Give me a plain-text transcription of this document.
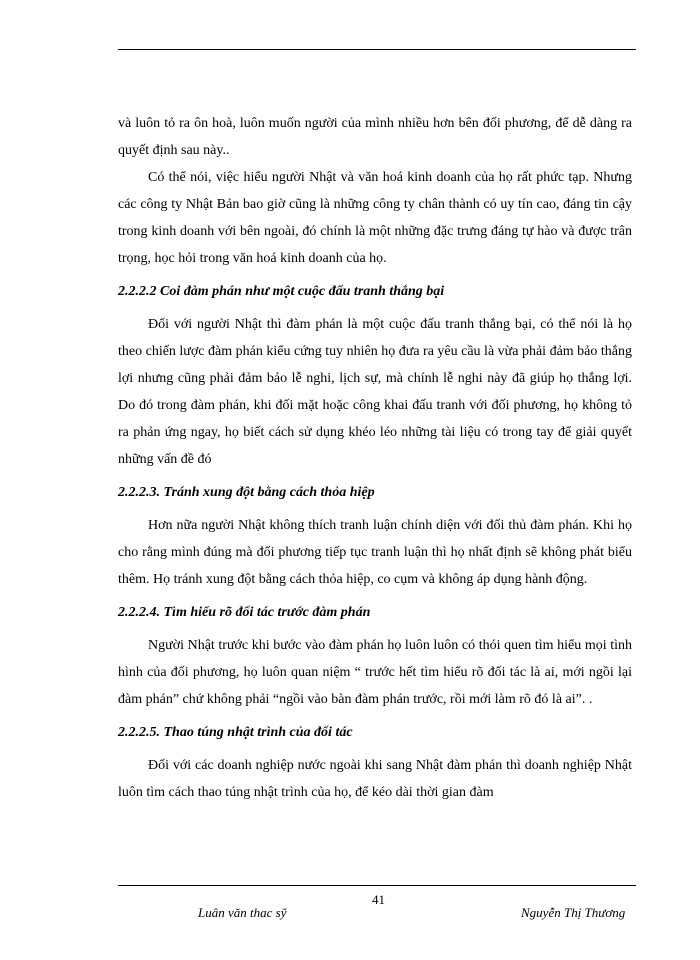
và luôn tỏ ra ôn hoà, luôn muốn người của mình nhiều hơn bên đối phương, để dễ dàng ra quyết định sau này..

Có thể nói, việc hiểu người Nhật và văn hoá kinh doanh của họ rất phức tạp. Nhưng các công ty Nhật Bản bao giờ cũng là những công ty chân thành có uy tín cao, đáng tin cậy trong kinh doanh với bên ngoài, đó chính là một những đặc trưng đáng tự hào và được trân trọng, học hỏi trong văn hoá kinh doanh của họ.

2.2.2.2 Coi đàm phán như một cuộc đấu tranh thắng bại

Đối với người Nhật thì đàm phán là một cuộc đấu tranh thắng bại, có thể nói là họ theo chiến lược đàm phán kiểu cứng tuy nhiên họ đưa ra yêu cầu là vừa phải đảm bảo thắng lợi nhưng cũng phải đảm bảo lễ nghi, lịch sự, mà chính lễ nghi này đã giúp họ thắng lợi. Do đó trong đàm phán, khi đối mặt hoặc công khai đấu tranh với đối phương, họ không tỏ ra phản ứng ngay, họ biết cách sử dụng khéo léo những tài liệu có trong tay để giải quyết những vấn đề đó

2.2.2.3. Tránh xung đột bằng cách thỏa hiệp

Hơn nữa người Nhật không thích tranh luận chính diện với đối thủ đàm phán. Khi họ cho rằng mình đúng mà đối phương tiếp tục tranh luận thì họ nhất định sẽ không phát biểu thêm. Họ tránh xung đột bằng cách thỏa hiệp, co cụm và không áp dụng hành động.

2.2.2.4. Tìm hiểu rõ đối tác trước đàm phán

Người Nhật trước khi bước vào đàm phán họ luôn luôn có thói quen tìm hiểu mọi tình hình của đối phương, họ luôn quan niệm “ trước hết tìm hiểu rõ đối tác là ai, mới ngồi lại đàm phán” chứ không phải “ngồi vào bàn đàm phán trước, rồi mới làm rõ đó là ai”. .

2.2.2.5. Thao túng nhật trình của đối tác

Đối với các doanh nghiệp nước ngoài khi sang Nhật đàm phán thì doanh nghiệp Nhật luôn tìm cách thao túng nhật trình của họ, để kéo dài thời gian đàm

Luân văn thac sỹ
41
Nguyễn Thị Thương
